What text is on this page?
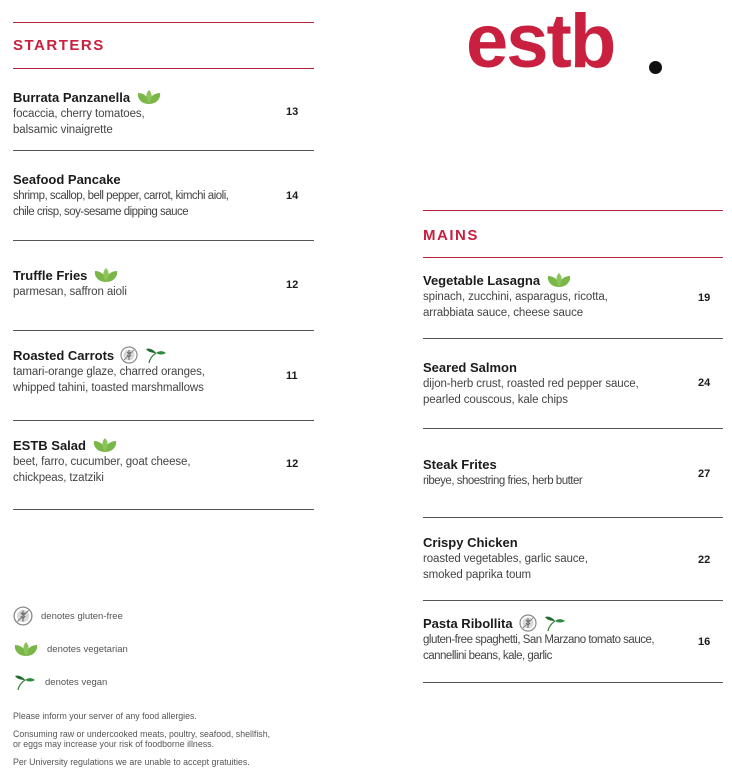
estb
STARTERS
Burrata Panzanella
focaccia, cherry tomatoes,
balsamic vinaigrette
13
Seafood Pancake
shrimp, scallop, bell pepper, carrot, kimchi aioli,
chile crisp, soy-sesame dipping sauce
14
Truffle Fries
parmesan, saffron aioli
12
Roasted Carrots
tamari-orange glaze, charred oranges,
whipped tahini, toasted marshmallows
11
ESTB Salad
beet, farro, cucumber, goat cheese,
chickpeas, tzatziki
12
denotes gluten-free
denotes vegetarian
denotes vegan
Please inform your server of any food allergies.
Consuming raw or undercooked meats, poultry, seafood, shellfish,
or eggs may increase your risk of foodborne illness.
Per University regulations we are unable to accept gratuities.
MAINS
Vegetable Lasagna
spinach, zucchini, asparagus, ricotta,
arrabbiata sauce, cheese sauce
19
Seared Salmon
dijon-herb crust, roasted red pepper sauce,
pearled couscous, kale chips
24
Steak Frites
ribeye, shoestring fries, herb butter
27
Crispy Chicken
roasted vegetables, garlic sauce,
smoked paprika toum
22
Pasta Ribollita
gluten-free spaghetti, San Marzano tomato sauce,
cannellini beans, kale, garlic
16
